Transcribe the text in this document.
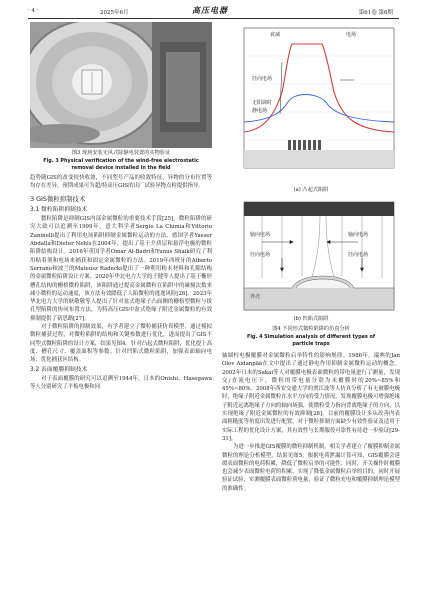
· 4 ·	2025年6月	高压电器	第61卷 第6期
图3 现场安装无风式除静电装置的实物验证
Fig. 3 Physical verification of the wind-free electrostatic
removal device installed in the field

趋势随GIS的改变较快收敛，不同型号产品的收敛特征，异物的分布位置等均存在差异，预期成果可为超/特高压GIS的出厂试验异物点检提供指导。

3 GIS微粒抑制技术

3.1 微粒陷阱抑制技术

微粒陷阱是抑制GIS内部金属微粒的重要技术手段[25]。微粒陷阱的研究大致可以追溯至1999年，意大利学者Sergio La Chimia和Vittorio Zaninelli提出了利用电场陷阱抑制金属微粒运动的方法。德国学者Yasser Abdalla和Dieter Nehls在2004年，提出了基于介质层和悬浮电极的微粒陷阱结构设计。2016年英国学者Omar Al-Badri和Yunus Shaik研究了利用粘着剂和电场来捕获和固定金属微粒的方法。2019年西班牙的Alberto Serrano和波兰的Mateusz Radecki提出了一种利用粉末材料和孔隙结构的金属微粒陷阱设计方案。2020年华北电力大学的王健等人提出了基于椭形槽孔结构的栅格微粒陷阱，该陷阱通过提高金属微粒在陷阱中的碰撞次数来减小微粒的运动速度，该方法有效降低了人陷微粒的逃逸风险[26]。2023年华北电力大学的耿敬敬等人提出了针对盆式绝缘子凸面侧的栅格型微粒与拔孔型陷阱的协同布置方法，为特高压GIS中盆式绝缘子附近金属微粒的有效抑制提供了新思路[27]。

对于微粒陷阱的抑制效果，有学者建立了微粒捕获仿真模型，通过模拟微粒捕获过程，对微粒陷阱的结构和关键参数进行优化，进而提出了GIS不同型式微粒陷阱的设计方案，结果见图4。针对凸起式微粒陷阱，优化提上高度、槽孔尺寸、覆盖面积等参数；针对凹陷式微粒陷阱，加强表面轴向电场，优化捕获区结构。

3.2 表面覆膜抑制技术

对于表面覆膜的研究可以追溯至1944年，日本的Onishi、Hasegawa等人分别研究了平板电极和同

衰减	电场
径向电场
无阳调时
静电场
(a) 凸起式陷阱
轴向电场
径向电场
轴向电场
外壳
径向电场
(b) 凹陷式陷阱
图4 不同形式微粒陷阱的仿真分析
Fig. 4 Simulation analysis of different types of
particle traps

轴圆柱电极覆膜对金属微粒启举特性的影响规律。1986年，瑞典的Jan Olov Aidanpää在文中提出了通过静电作用抑制金属微粒运动的概念。2002年日本的Sakai等人对覆膜电极表面微粒的带电量进行了测量，发现交/直流电压下，微粒的带电量分别为未覆膜时的20%~85%和45%~80%。2008年西安交通大学的贾江波等人仿真分析了有无被膜电极时，绝缘子附近金属微粒在水平方向的受力情况，发现覆膜电极可增强绝缘子附近远离绝缘子方向的轴向场强，使微粒受力指向背离绝缘子的方向，以实现绝缘子附近金属微粒的有效抑制[28]。目前的覆膜设计多从改善内表面粗糙度等角度出发进行配置，对于微粒抑制方面缺少有效性验证及适用于实际工程的优化设计方案，其有效性与长期服役可靠性有待进一步验证[29-31]。

为进一步推进GIS覆膜的微粒抑制机制，相关学者建立了覆膜抑制金属微粒的理论分析模型，结果见图5。根据电荷泄漏计算可知，GIS覆膜会延缓表面微粒的电荷积累，降低了微粒启举的可能性；同时，开关操作时覆膜也会减少表面微粒电荷的积累，实现了降低金属微粒启举的目的，同时开展验证试验，实测覆膜表面微粒荷电量，验证了微粒充电和覆膜抑制理论模型的准确性。
